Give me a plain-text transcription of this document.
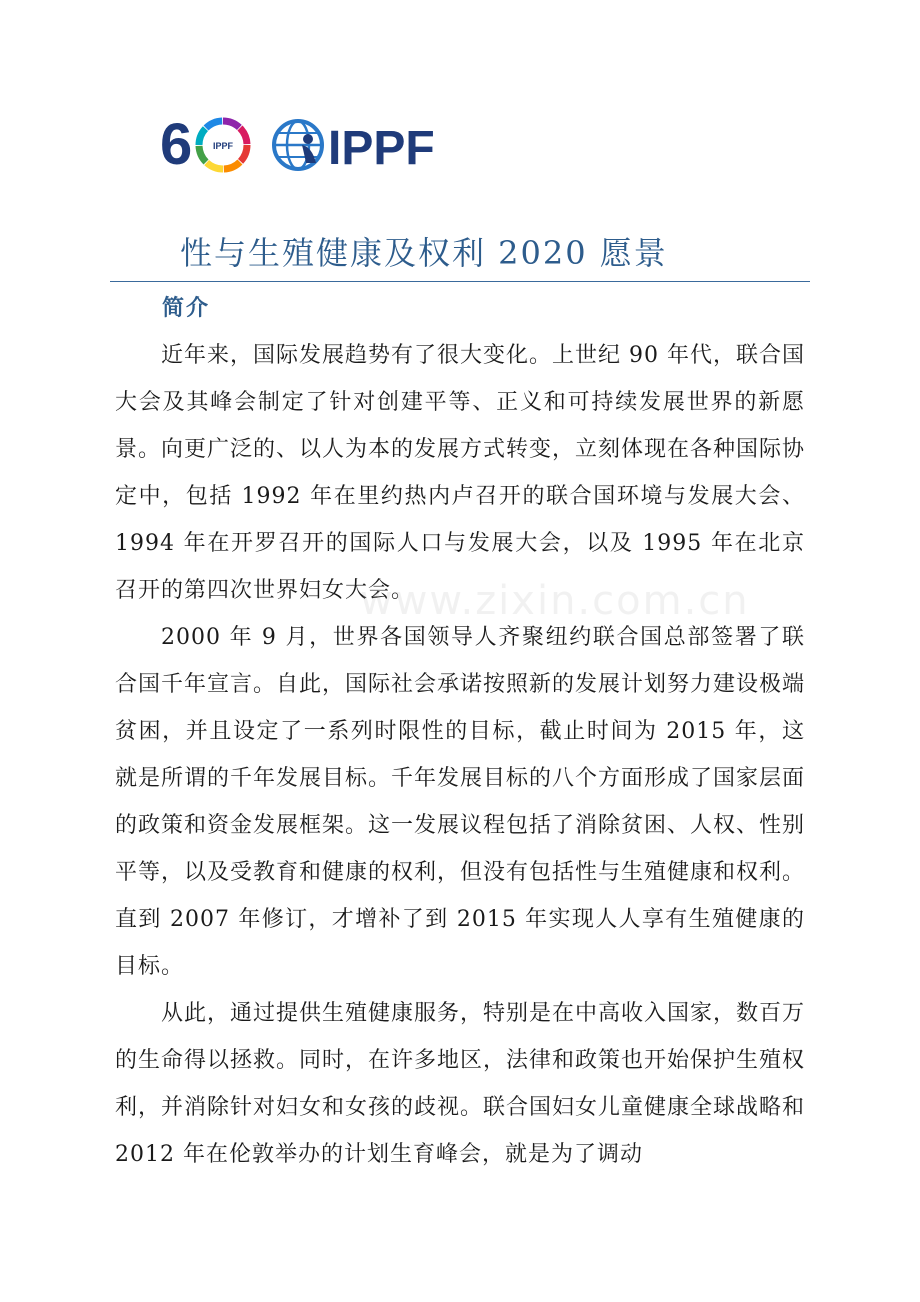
6 IPPF IPPF
性与生殖健康及权利 2020 愿景
简介

近年来，国际发展趋势有了很大变化。上世纪 90 年代，联合国大会及其峰会制定了针对创建平等、正义和可持续发展世界的新愿景。向更广泛的、以人为本的发展方式转变，立刻体现在各种国际协定中，包括 1992 年在里约热内卢召开的联合国环境与发展大会、1994 年在开罗召开的国际人口与发展大会，以及 1995 年在北京召开的第四次世界妇女大会。

2000 年 9 月，世界各国领导人齐聚纽约联合国总部签署了联合国千年宣言。自此，国际社会承诺按照新的发展计划努力建设极端贫困，并且设定了一系列时限性的目标，截止时间为 2015 年，这就是所谓的千年发展目标。千年发展目标的八个方面形成了国家层面的政策和资金发展框架。这一发展议程包括了消除贫困、人权、性别平等，以及受教育和健康的权利，但没有包括性与生殖健康和权利。直到 2007 年修订，才增补了到 2015 年实现人人享有生殖健康的目标。

从此，通过提供生殖健康服务，特别是在中高收入国家，数百万的生命得以拯救。同时，在许多地区，法律和政策也开始保护生殖权利，并消除针对妇女和女孩的歧视。联合国妇女儿童健康全球战略和 2012 年在伦敦举办的计划生育峰会，就是为了调动

www.zixin.com.cn
